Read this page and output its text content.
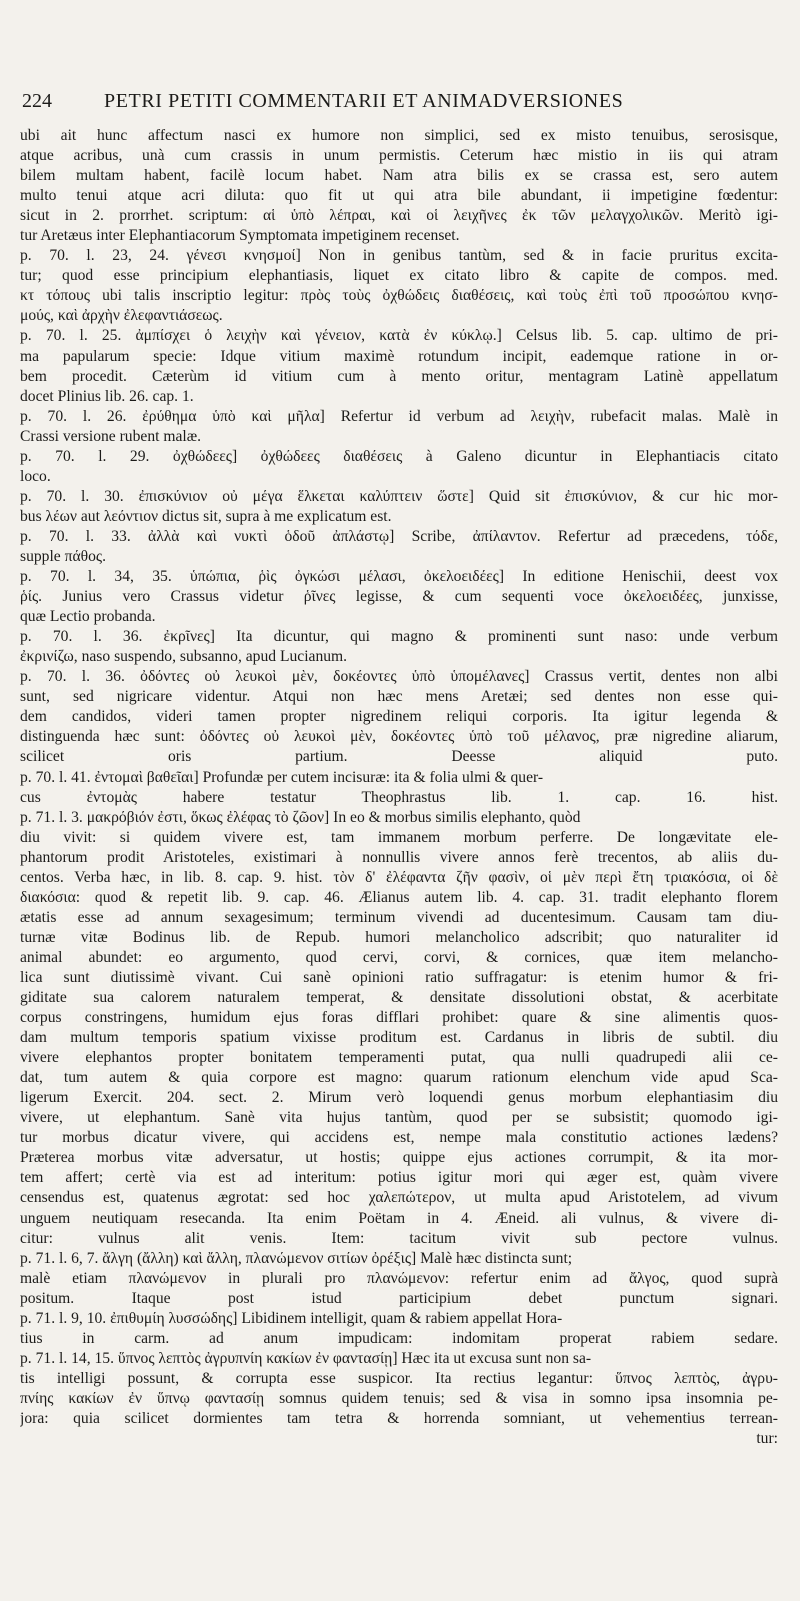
224	PETRI PETITI COMMENTARII ET ANIMADVERSIONES
ubi ait hunc affectum nasci ex humore non simplici, sed ex misto tenuibus, serosisque,
atque acribus, unà cum crassis in unum permistis. Ceterum hæc mistio in iis qui atram
bilem multam habent, facilè locum habet. Nam atra bilis ex se crassa est, sero autem
multo tenui atque acri diluta: quo fit ut qui atra bile abundant, ii impetigine fœdentur:
sicut in 2. prorrhet. scriptum: αἱ ὑπὸ λέπραι, καὶ οἱ λειχῆνες ἐκ τῶν μελαγχολικῶν. Meritò igi-
tur Aretæus inter Elephantiacorum Symptomata impetiginem recenset.
p. 70. l. 23, 24. γένεσι κνησμοί] Non in genibus tantùm, sed & in facie pruritus excita-
tur; quod esse principium elephantiasis, liquet ex citato libro & capite de compos. med.
κτ τόπους ubi talis inscriptio legitur: πρὸς τοὺς ὀχθώδεις διαθέσεις, καὶ τοὺς ἐπὶ τοῦ προσώπου κνησ-
μούς, καὶ ἀρχὴν ἐλεφαντιάσεως.
p. 70. l. 25. ἀμπίσχει ὁ λειχὴν καὶ γένειον, κατὰ ἐν κύκλῳ.] Celsus lib. 5. cap. ultimo de pri-
ma papularum specie: Idque vitium maximè rotundum incipit, eademque ratione in or-
bem procedit. Cæterùm id vitium cum à mento oritur, mentagram Latinè appellatum
docet Plinius lib. 26. cap. 1.
p. 70. l. 26. ἐρύθημα ὑπὸ καὶ μῆλα] Refertur id verbum ad λειχὴν, rubefacit malas. Malè in
Crassi versione rubent malæ.
p. 70. l. 29. ὀχθώδεες] ὀχθώδεες διαθέσεις à Galeno dicuntur in Elephantiacis citato
loco.
p. 70. l. 30. ἐπισκύνιον οὐ μέγα ἕλκεται καλύπτειν ὥστε] Quid sit ἐπισκύνιον, & cur hic mor-
bus λέων aut λεόντιον dictus sit, supra à me explicatum est.
p. 70. l. 33. ἀλλὰ καὶ νυκτὶ ὁδοῦ ἀπλάστῳ] Scribe, ἀπίλαντον. Refertur ad præcedens, τόδε,
supple πάθος.
p. 70. l. 34, 35. ὑπώπια, ῥὶς ὀγκώσι μέλασι, ὀκελοειδέες] In editione Henischii, deest vox
ῥίς. Junius vero Crassus videtur ῥῖνες legisse, & cum sequenti voce ὀκελοειδέες, junxisse,
quæ Lectio probanda.
p. 70. l. 36. ἐκρῖνες] Ita dicuntur, qui magno & prominenti sunt naso: unde verbum
ἐκρινίζω, naso suspendo, subsanno, apud Lucianum.
p. 70. l. 36. ὀδόντες οὐ λευκοὶ μὲν, δοκέοντες ὑπὸ ὑπομέλανες] Crassus vertit, dentes non albi
sunt, sed nigricare videntur. Atqui non hæc mens Aretæi; sed dentes non esse qui-
dem candidos, videri tamen propter nigredinem reliqui corporis. Ita igitur legenda &
distinguenda hæc sunt: ὀδόντες οὐ λευκοὶ μὲν, δοκέοντες ὑπὸ τοῦ μέλανος, præ nigredine aliarum,
scilicet oris partium. Deesse aliquid puto.
p. 70. l. 41. ἐντομαὶ βαθεῖαι] Profundæ per cutem incisuræ: ita & folia ulmi & quer-
cus ἐντομὰς habere testatur Theophrastus lib. 1. cap. 16. hist.
p. 71. l. 3. μακρόβιόν ἐστι, ὅκως ἐλέφας τὸ ζῶον] In eo & morbus similis elephanto, quòd
diu vivit: si quidem vivere est, tam immanem morbum perferre. De longævitate ele-
phantorum prodit Aristoteles, existimari à nonnullis vivere annos ferè trecentos, ab aliis du-
centos. Verba hæc, in lib. 8. cap. 9. hist. τὸν δ' ἐλέφαντα ζῆν φασὶν, οἱ μὲν περὶ ἔτη τριακόσια, οἱ δὲ
διακόσια: quod & repetit lib. 9. cap. 46. Ælianus autem lib. 4. cap. 31. tradit elephanto florem
ætatis esse ad annum sexagesimum; terminum vivendi ad ducentesimum. Causam tam diu-
turnæ vitæ Bodinus lib. de Repub. humori melancholico adscribit; quo naturaliter id
animal abundet: eo argumento, quod cervi, corvi, & cornices, quæ item melancho-
lica sunt diutissimè vivant. Cui sanè opinioni ratio suffragatur: is etenim humor & fri-
giditate sua calorem naturalem temperat, & densitate dissolutioni obstat, & acerbitate
corpus constringens, humidum ejus foras difflari prohibet: quare & sine alimentis quos-
dam multum temporis spatium vixisse proditum est. Cardanus in libris de subtil. diu
vivere elephantos propter bonitatem temperamenti putat, qua nulli quadrupedi alii ce-
dat, tum autem & quia corpore est magno: quarum rationum elenchum vide apud Sca-
ligerum Exercit. 204. sect. 2. Mirum verò loquendi genus morbum elephantiasim diu
vivere, ut elephantum. Sanè vita hujus tantùm, quod per se subsistit; quomodo igi-
tur morbus dicatur vivere, qui accidens est, nempe mala constitutio actiones lædens?
Præterea morbus vitæ adversatur, ut hostis; quippe ejus actiones corrumpit, & ita mor-
tem affert; certè via est ad interitum: potius igitur mori qui æger est, quàm vivere
censendus est, quatenus ægrotat: sed hoc χαλεπώτερον, ut multa apud Aristotelem, ad vivum
unguem neutiquam resecanda. Ita enim Poëtam in 4. Æneid. ali vulnus, & vivere di-
citur: vulnus alit venis. Item: tacitum vivit sub pectore vulnus.
p. 71. l. 6, 7. ἄλγη (ἄλλη) καὶ ἄλλη, πλανώμενον σιτίων ὀρέξις] Malè hæc distincta sunt;
malè etiam πλανώμενον in plurali pro πλανώμενον: refertur enim ad ἄλγος, quod suprà
positum. Itaque post istud participium debet punctum signari.
p. 71. l. 9, 10. ἐπιθυμίη λυσσώδης] Libidinem intelligit, quam & rabiem appellat Hora-
tius in carm. ad anum impudicam: indomitam properat rabiem sedare.
p. 71. l. 14, 15. ὕπνος λεπτὸς ἀγρυπνίη κακίων ἐν φαντασίῃ] Hæc ita ut excusa sunt non sa-
tis intelligi possunt, & corrupta esse suspicor. Ita rectius legantur: ὕπνος λεπτὸς, ἀγρυ-
πνίης κακίων ἐν ὕπνῳ φαντασίῃ somnus quidem tenuis; sed & visa in somno ipsa insomnia pe-
jora: quia scilicet dormientes tam tetra & horrenda somniant, ut vehementius terrean-
tur:
